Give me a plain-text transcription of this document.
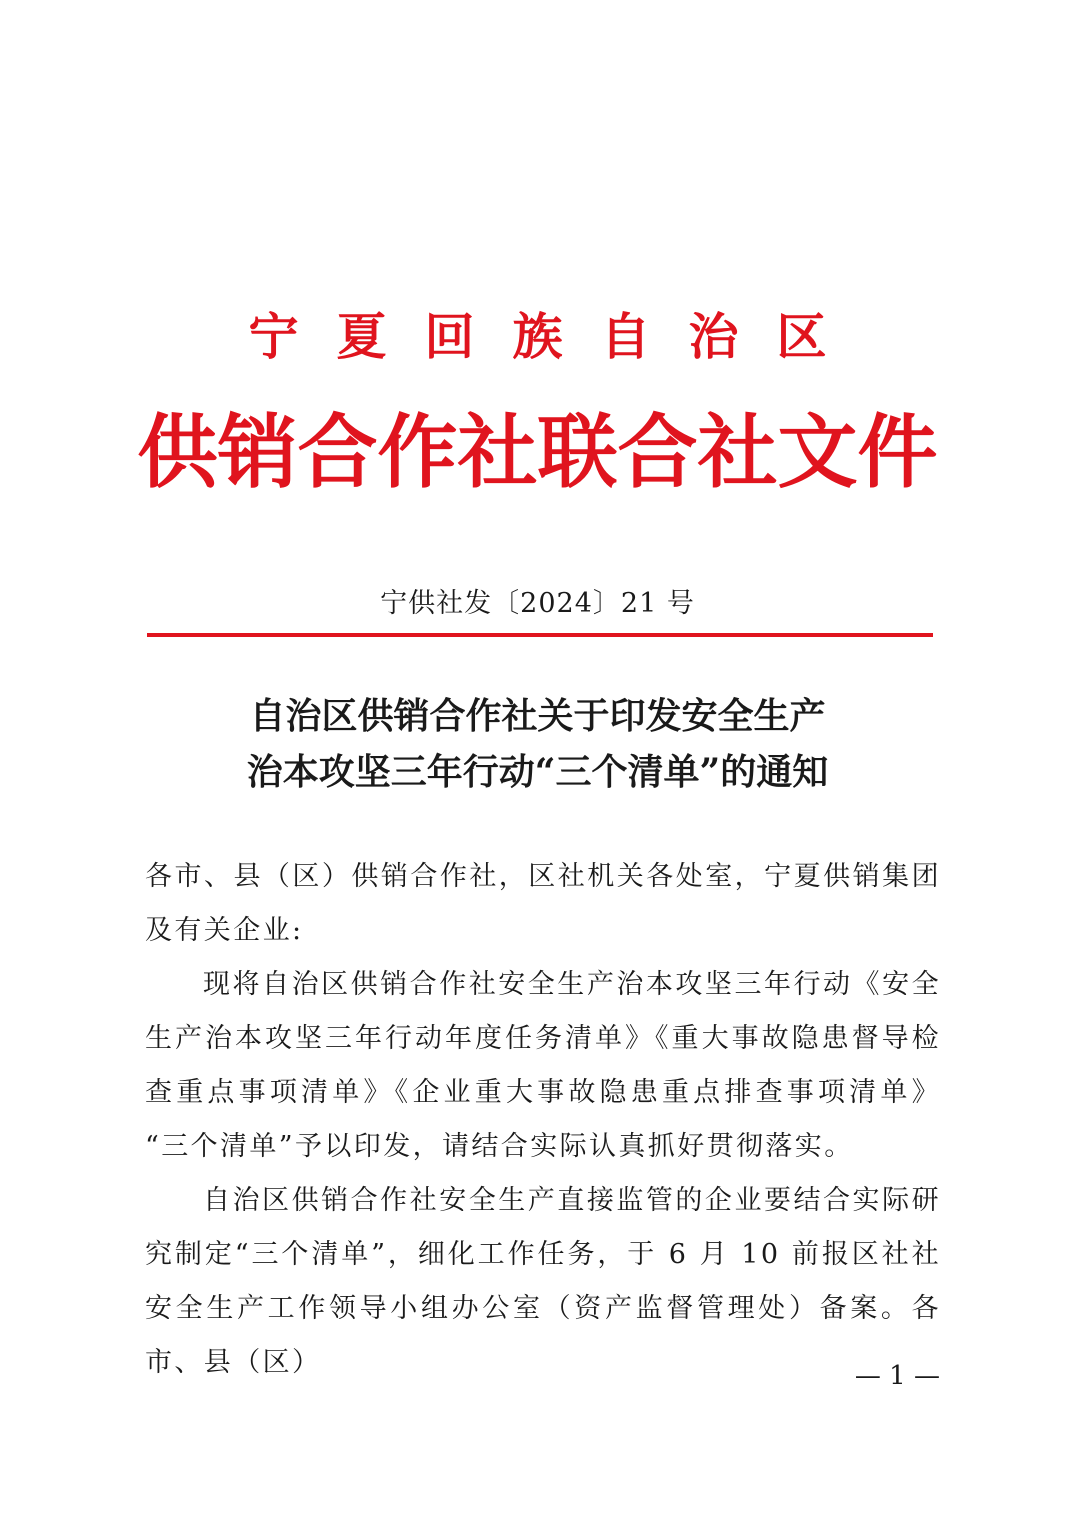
宁夏回族自治区
供销合作社联合社文件
宁供社发〔2024〕21 号
自治区供销合作社关于印发安全生产
治本攻坚三年行动“三个清单”的通知

各市、县（区）供销合作社，区社机关各处室，宁夏供销集团及有关企业:

现将自治区供销合作社安全生产治本攻坚三年行动《安全生产治本攻坚三年行动年度任务清单》《重大事故隐患督导检查重点事项清单》《企业重大事故隐患重点排查事项清单》 “三个清单”予以印发，请结合实际认真抓好贯彻落实。

自治区供销合作社安全生产直接监管的企业要结合实际研究制定“三个清单”，细化工作任务，于 6 月 10 前报区社社安全生产工作领导小组办公室（资产监督管理处）备案。各市、县（区）	— 1 —
